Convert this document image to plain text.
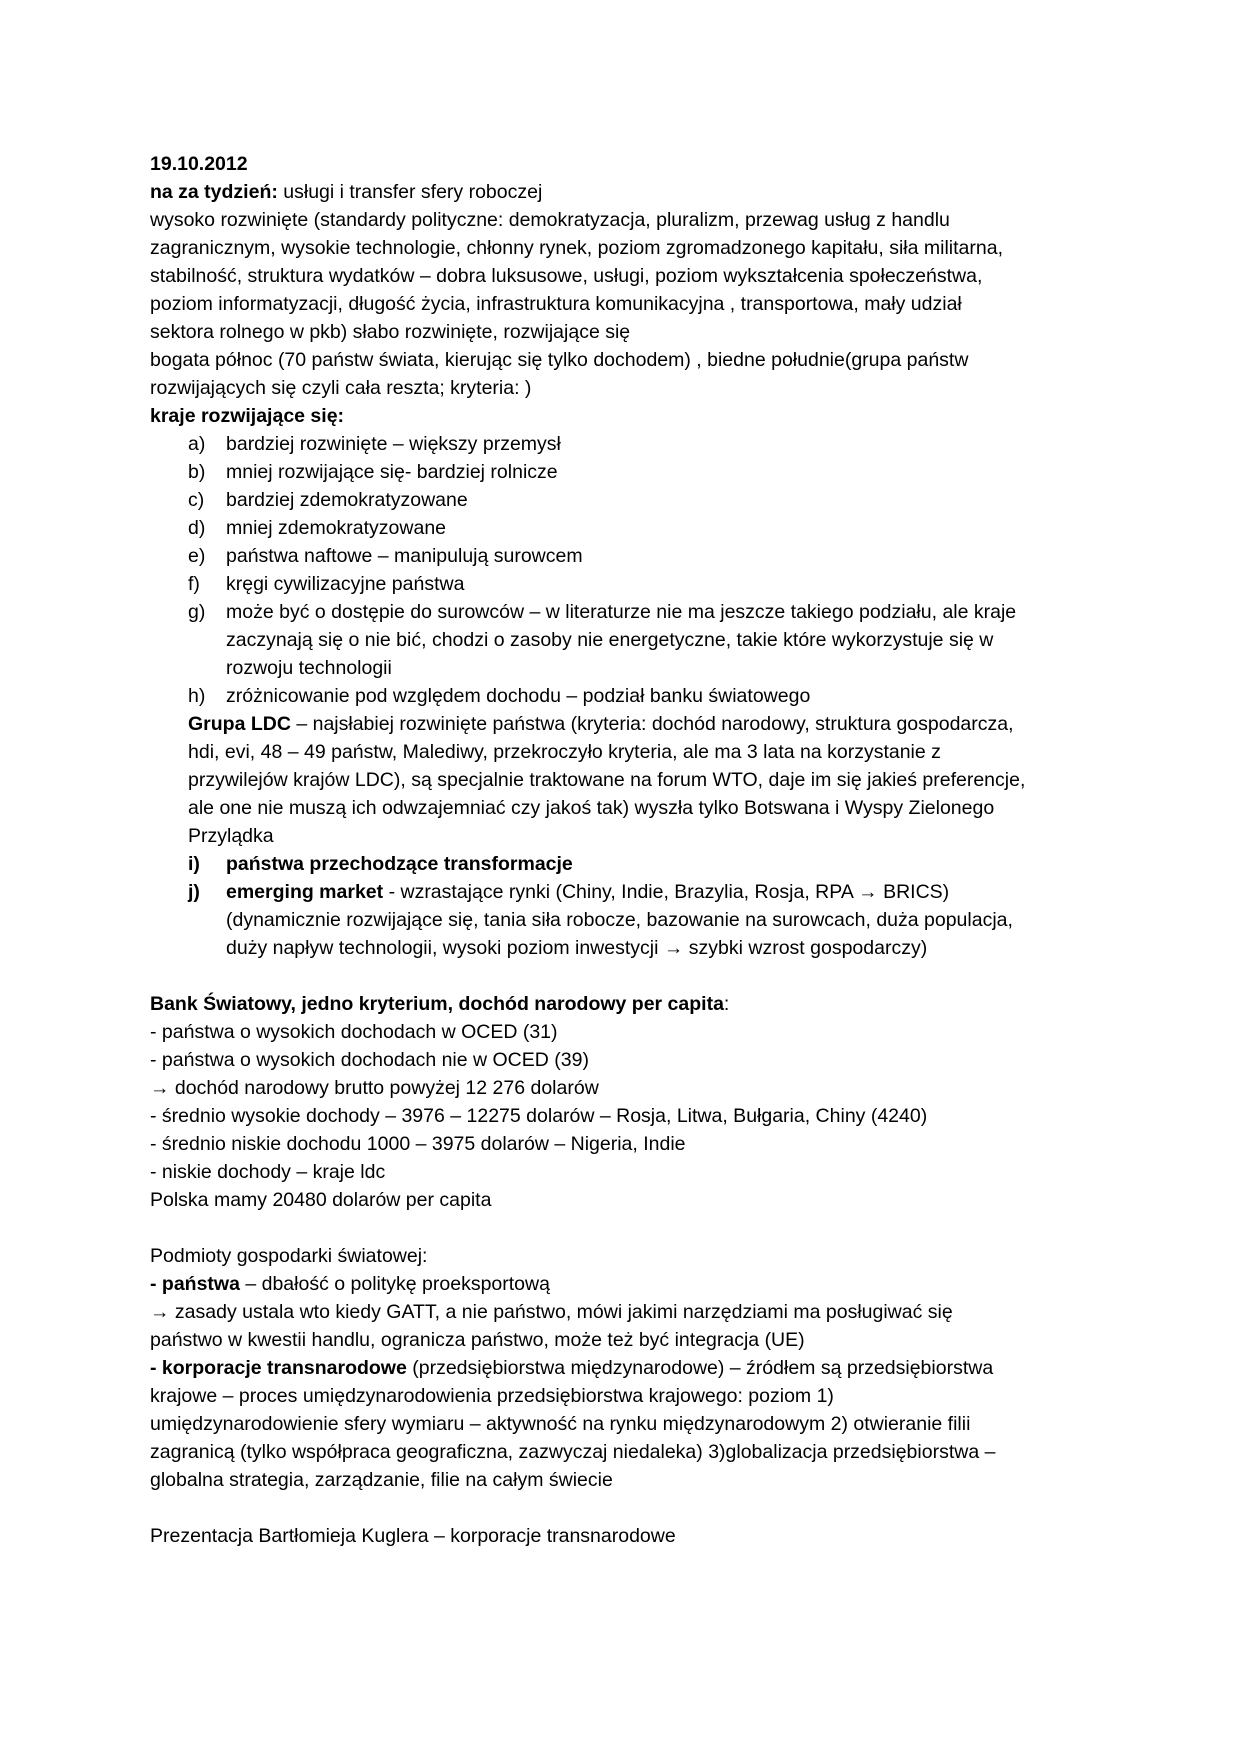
19.10.2012
na za tydzień: usługi i transfer sfery roboczej
wysoko rozwinięte (standardy polityczne: demokratyzacja, pluralizm, przewag usług z handlu
zagranicznym, wysokie technologie, chłonny rynek, poziom zgromadzonego kapitału, siła militarna,
stabilność, struktura wydatków – dobra luksusowe, usługi, poziom wykształcenia społeczeństwa,
poziom informatyzacji, długość życia, infrastruktura komunikacyjna , transportowa, mały udział
sektora rolnego w pkb) słabo rozwinięte, rozwijające się
bogata północ (70 państw świata, kierując się tylko dochodem) , biedne południe(grupa państw
rozwijających się czyli cała reszta; kryteria: )
kraje rozwijające się:
a) bardziej rozwinięte – większy przemysł
b) mniej rozwijające się- bardziej rolnicze
c) bardziej zdemokratyzowane
d) mniej zdemokratyzowane
e) państwa naftowe – manipulują surowcem
f) kręgi cywilizacyjne państwa
g) może być o dostępie do surowców – w literaturze nie ma jeszcze takiego podziału, ale kraje
zaczynają się o nie bić, chodzi o zasoby nie energetyczne, takie które wykorzystuje się w
rozwoju technologii
h) zróżnicowanie pod względem dochodu – podział banku światowego
Grupa LDC – najsłabiej rozwinięte państwa (kryteria: dochód narodowy, struktura gospodarcza,
hdi, evi, 48 – 49 państw, Malediwy, przekroczyło kryteria, ale ma 3 lata na korzystanie z
przywilejów krajów LDC), są specjalnie traktowane na forum WTO, daje im się jakieś preferencje,
ale one nie muszą ich odwzajemniać czy jakoś tak) wyszła tylko Botswana i Wyspy Zielonego
Przylądka
i) państwa przechodzące transformacje
j) emerging market - wzrastające rynki (Chiny, Indie, Brazylia, Rosja, RPA → BRICS)
(dynamicznie rozwijające się, tania siła robocze, bazowanie na surowcach, duża populacja,
duży napływ technologii, wysoki poziom inwestycji → szybki wzrost gospodarczy)
Bank Światowy, jedno kryterium, dochód narodowy per capita:
- państwa o wysokich dochodach w OCED (31)
- państwa o wysokich dochodach nie w OCED (39)
→ dochód narodowy brutto powyżej 12 276 dolarów
- średnio wysokie dochody – 3976 – 12275 dolarów – Rosja, Litwa, Bułgaria, Chiny (4240)
- średnio niskie dochodu 1000 – 3975 dolarów – Nigeria, Indie
- niskie dochody – kraje ldc
Polska mamy 20480 dolarów per capita
Podmioty gospodarki światowej:
- państwa – dbałość o politykę proeksportową
→ zasady ustala wto kiedy GATT, a nie państwo, mówi jakimi narzędziami ma posługiwać się
państwo w kwestii handlu, ogranicza państwo, może też być integracja (UE)
- korporacje transnarodowe (przedsiębiorstwa międzynarodowe) – źródłem są przedsiębiorstwa
krajowe – proces umiędzynarodowienia przedsiębiorstwa krajowego: poziom 1)
umiędzynarodowienie sfery wymiaru – aktywność na rynku międzynarodowym 2) otwieranie filii
zagranicą (tylko współpraca geograficzna, zazwyczaj niedaleka) 3)globalizacja przedsiębiorstwa –
globalna strategia, zarządzanie, filie na całym świecie
Prezentacja Bartłomieja Kuglera – korporacje transnarodowe
